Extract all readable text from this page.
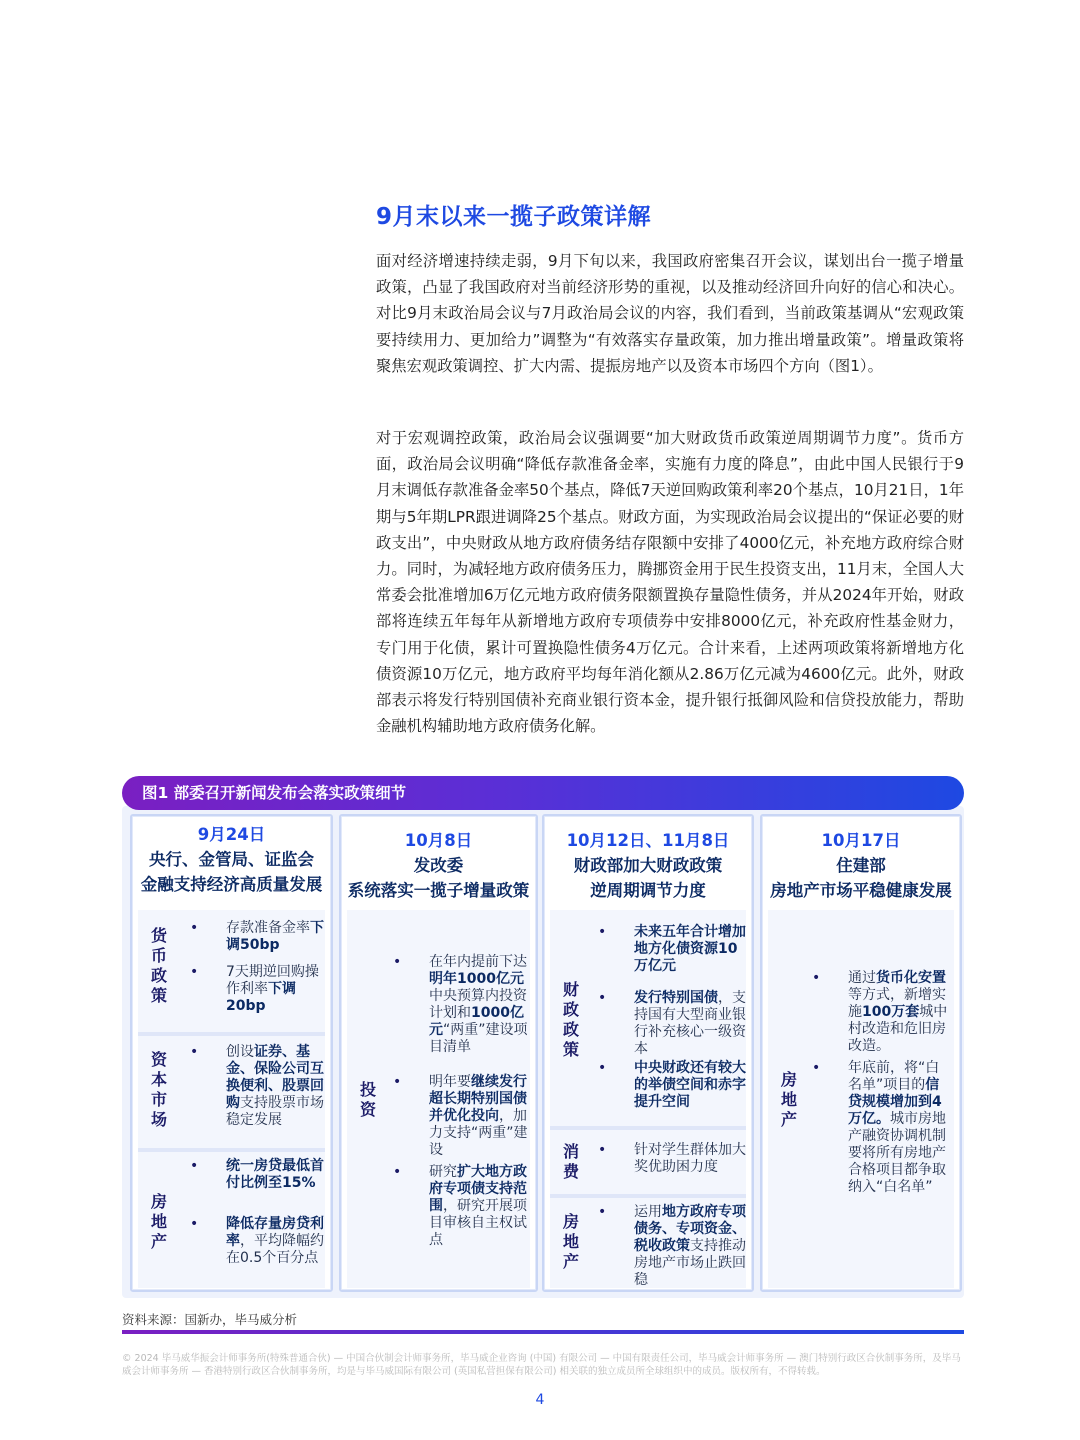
9月末以来一揽子政策详解

面对经济增速持续走弱，9月下旬以来，我国政府密集召开会议，谋划出台一揽子增量政策，凸显了我国政府对当前经济形势的重视，以及推动经济回升向好的信心和决心。对比9月末政治局会议与7月政治局会议的内容，我们看到，当前政策基调从“宏观政策要持续用力、更加给力”调整为“有效落实存量政策，加力推出增量政策”。增量政策将聚焦宏观政策调控、扩大内需、提振房地产以及资本市场四个方向（图1）。

对于宏观调控政策，政治局会议强调要“加大财政货币政策逆周期调节力度”。货币方面，政治局会议明确“降低存款准备金率，实施有力度的降息”，由此中国人民银行于9月末调低存款准备金率50个基点，降低7天逆回购政策利率20个基点，10月21日，1年期与5年期LPR跟进调降25个基点。财政方面，为实现政治局会议提出的“保证必要的财政支出”，中央财政从地方政府债务结存限额中安排了4000亿元，补充地方政府综合财力。同时，为减轻地方政府债务压力，腾挪资金用于民生投资支出，11月末，全国人大常委会批准增加6万亿元地方政府债务限额置换存量隐性债务，并从2024年开始，财政部将连续五年每年从新增地方政府专项债券中安排8000亿元，补充政府性基金财力，专门用于化债，累计可置换隐性债务4万亿元。合计来看，上述两项政策将新增地方化债资源10万亿元，地方政府平均每年消化额从2.86万亿元减为4600亿元。此外，财政部表示将发行特别国债补充商业银行资本金，提升银行抵御风险和信贷投放能力，帮助金融机构辅助地方政府债务化解。

图1 部委召开新闻发布会落实政策细节
9月24日
央行、金管局、证监会
金融支持经济高质量发展
货
币
政
策
• 存款准备金率下调50bp
• 7天期逆回购操作利率下调20bp
资
本
市
场
• 创设证券、基金、保险公司互换便利、股票回购支持股票市场稳定发展
房
地
产
• 统一房贷最低首付比例至15%
• 降低存量房贷利率，平均降幅约在0.5个百分点
10月8日
发改委
系统落实一揽子增量政策
投
资
• 在年内提前下达明年1000亿元中央预算内投资计划和1000亿元“两重”建设项目清单
• 明年要继续发行超长期特别国债并优化投向，加力支持“两重”建设
• 研究扩大地方政府专项债支持范围，研究开展项目审核自主权试点
10月12日、11月8日
财政部加大财政政策
逆周期调节力度
财
政
政
策
• 未来五年合计增加地方化债资源10万亿元
• 发行特别国债，支持国有大型商业银行补充核心一级资本
• 中央财政还有较大的举债空间和赤字提升空间
消
费
• 针对学生群体加大奖优助困力度
房
地
产
• 运用地方政府专项债务、专项资金、税收政策支持推动房地产市场止跌回稳
10月17日
住建部
房地产市场平稳健康发展
房
地
产
• 通过货币化安置等方式，新增实施100万套城中村改造和危旧房改造。
• 年底前，将“白名单”项目的信贷规模增加到4万亿。城市房地产融资协调机制要将所有房地产合格项目都争取纳入“白名单”
资料来源：国新办，毕马威分析
© 2024 毕马威华振会计师事务所(特殊普通合伙) — 中国合伙制会计师事务所，毕马威企业咨询 (中国) 有限公司 — 中国有限责任公司，毕马威会计师事务所 — 澳门特别行政区合伙制事务所，及毕马威会计师事务所 — 香港特别行政区合伙制事务所，均是与毕马威国际有限公司 (英国私营担保有限公司) 相关联的独立成员所全球组织中的成员。版权所有，不得转载。
4
